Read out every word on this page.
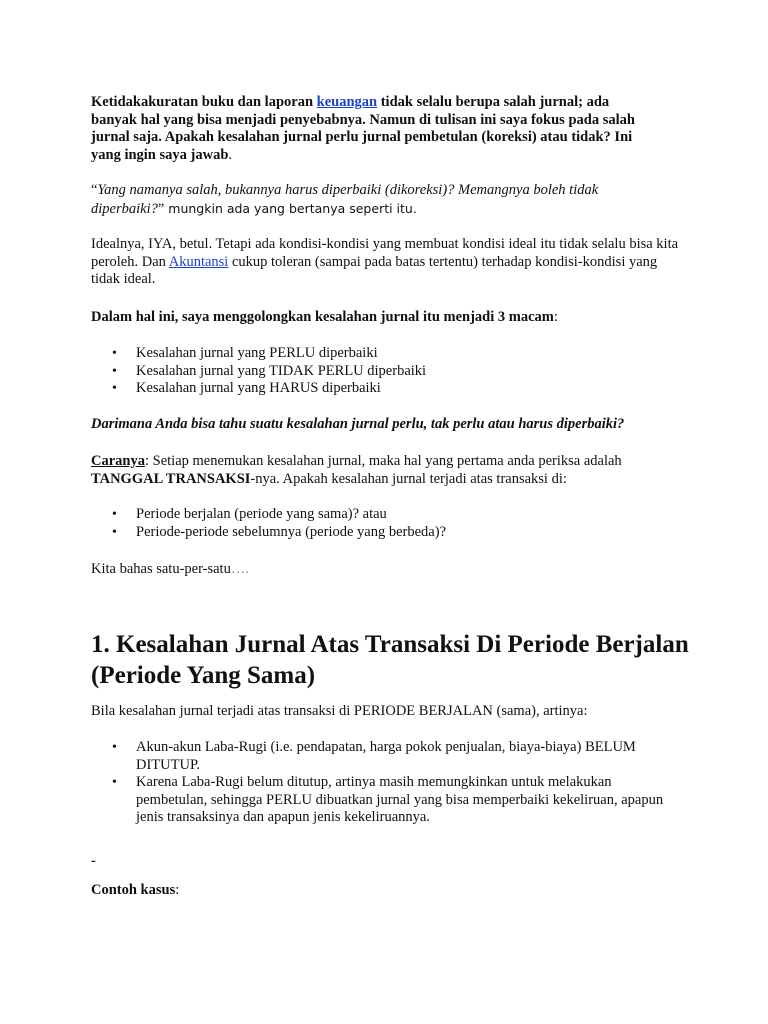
Ketidakakuratan buku dan laporan keuangan tidak selalu berupa salah jurnal; ada banyak hal yang bisa menjadi penyebabnya. Namun di tulisan ini saya fokus pada salah jurnal saja. Apakah kesalahan jurnal perlu jurnal pembetulan (koreksi) atau tidak? Ini yang ingin saya jawab.

“Yang namanya salah, bukannya harus diperbaiki (dikoreksi)? Memangnya boleh tidak diperbaiki?” mungkin ada yang bertanya seperti itu.

Idealnya, IYA, betul. Tetapi ada kondisi-kondisi yang membuat kondisi ideal itu tidak selalu bisa kita peroleh. Dan Akuntansi cukup toleran (sampai pada batas tertentu) terhadap kondisi-kondisi yang tidak ideal.

Dalam hal ini, saya menggolongkan kesalahan jurnal itu menjadi 3 macam:

• Kesalahan jurnal yang PERLU diperbaiki
• Kesalahan jurnal yang TIDAK PERLU diperbaiki
• Kesalahan jurnal yang HARUS diperbaiki

Darimana Anda bisa tahu suatu kesalahan jurnal perlu, tak perlu atau harus diperbaiki?

Caranya: Setiap menemukan kesalahan jurnal, maka hal yang pertama anda periksa adalah TANGGAL TRANSAKSI-nya. Apakah kesalahan jurnal terjadi atas transaksi di:

• Periode berjalan (periode yang sama)? atau
• Periode-periode sebelumnya (periode yang berbeda)?

Kita bahas satu-per-satu….

1. Kesalahan Jurnal Atas Transaksi Di Periode Berjalan (Periode Yang Sama)

Bila kesalahan jurnal terjadi atas transaksi di PERIODE BERJALAN (sama), artinya:

• Akun-akun Laba-Rugi (i.e. pendapatan, harga pokok penjualan, biaya-biaya) BELUM DITUTUP.
• Karena Laba-Rugi belum ditutup, artinya masih memungkinkan untuk melakukan pembetulan, sehingga PERLU dibuatkan jurnal yang bisa memperbaiki kekeliruan, apapun jenis transaksinya dan apapun jenis kekeliruannya.
-

Contoh kasus:
